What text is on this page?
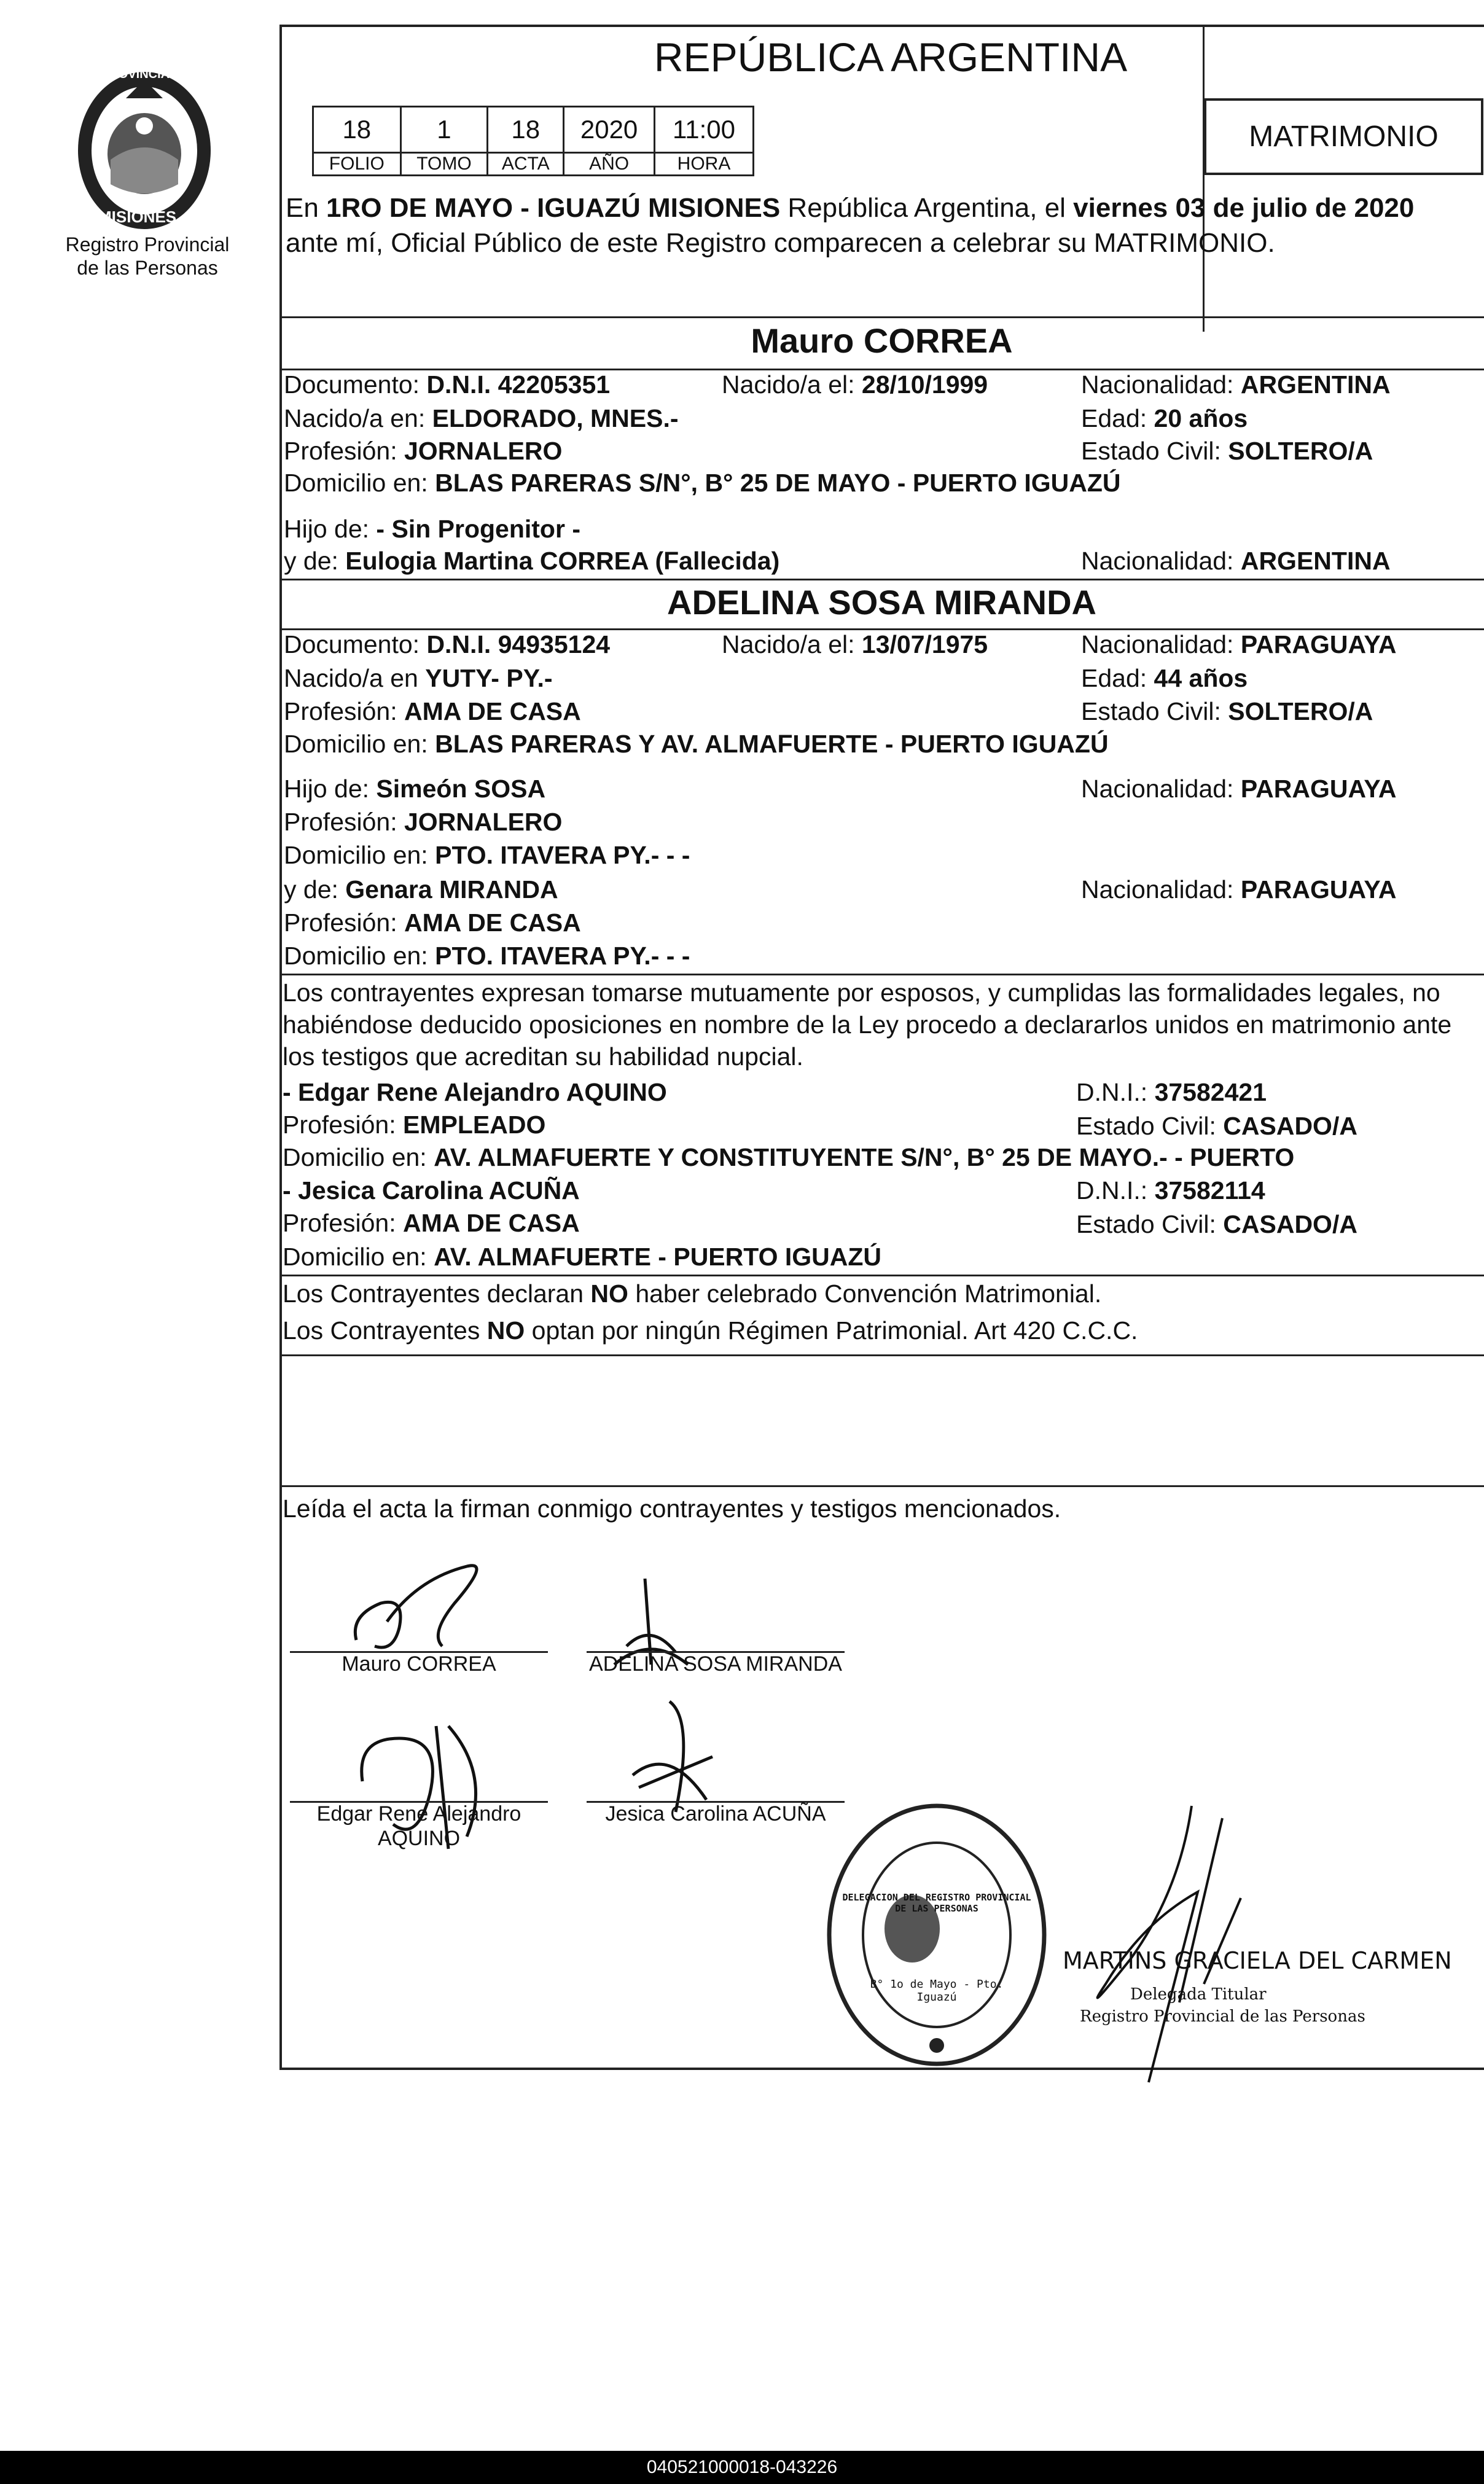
PROVINCIA DE
MISIONES
Registro Provincial
de las Personas
REPÚBLICA ARGENTINA
18	1	18	2020	11:00
FOLIO	TOMO	ACTA	AÑO	HORA
MATRIMONIO
En 1RO DE MAYO - IGUAZÚ MISIONES República Argentina, el viernes 03 de julio de 2020
ante mí, Oficial Público de este Registro comparecen a celebrar su MATRIMONIO.
Mauro CORREA
Documento: D.N.I. 42205351	Nacido/a el: 28/10/1999	Nacionalidad: ARGENTINA
Nacido/a en: ELDORADO, MNES.-	Edad: 20 años
Profesión: JORNALERO	Estado Civil: SOLTERO/A
Domicilio en: BLAS PARERAS S/N°, B° 25 DE MAYO - PUERTO IGUAZÚ
Hijo de: - Sin Progenitor -
y de: Eulogia Martina CORREA (Fallecida)	Nacionalidad: ARGENTINA
ADELINA SOSA MIRANDA
Documento: D.N.I. 94935124	Nacido/a el: 13/07/1975	Nacionalidad: PARAGUAYA
Nacido/a en YUTY- PY.-	Edad: 44 años
Profesión: AMA DE CASA	Estado Civil: SOLTERO/A
Domicilio en: BLAS PARERAS Y AV. ALMAFUERTE - PUERTO IGUAZÚ
Hijo de: Simeón SOSA	Nacionalidad: PARAGUAYA
Profesión: JORNALERO
Domicilio en: PTO. ITAVERA PY.- - -
y de: Genara MIRANDA	Nacionalidad: PARAGUAYA
Profesión: AMA DE CASA
Domicilio en: PTO. ITAVERA PY.- - -
Los contrayentes expresan tomarse mutuamente por esposos, y cumplidas las formalidades legales, no
habiéndose deducido oposiciones en nombre de la Ley procedo a declararlos unidos en matrimonio ante
los testigos que acreditan su habilidad nupcial.
- Edgar Rene Alejandro AQUINO	D.N.I.: 37582421
Profesión: EMPLEADO	Estado Civil: CASADO/A
Domicilio en: AV. ALMAFUERTE Y CONSTITUYENTE S/N°, B° 25 DE MAYO.- - PUERTO
- Jesica Carolina ACUÑA	D.N.I.: 37582114
Profesión: AMA DE CASA	Estado Civil: CASADO/A
Domicilio en: AV. ALMAFUERTE - PUERTO IGUAZÚ
Los Contrayentes declaran NO haber celebrado Convención Matrimonial.
Los Contrayentes NO optan por ningún Régimen Patrimonial. Art 420 C.C.C.
Leída el acta la firman conmigo contrayentes y testigos mencionados.
Mauro CORREA	ADELINA SOSA MIRANDA
Edgar Rene Alejandro
AQUINO
Jesica Carolina ACUÑA
DELEGACION DEL REGISTRO PROVINCIAL DE LAS PERSONAS
B° 1o de Mayo - Pto. Iguazú
MARTINS GRACIELA DEL CARMEN
Delegada Titular
Registro Provincial de las Personas
040521000018-043226
